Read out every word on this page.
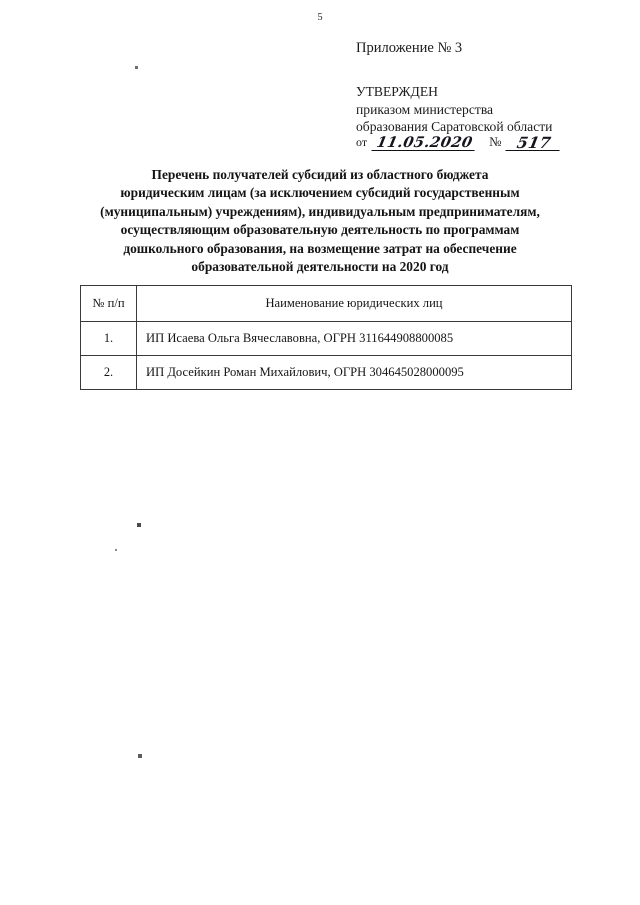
5
Приложение № 3
УТВЕРЖДЕН
приказом министерства
образования Саратовской области
от 11.05.2020 № 517
Перечень получателей субсидий из областного бюджета
юридическим лицам (за исключением субсидий государственным
(муниципальным) учреждениям), индивидуальным предпринимателям,
осуществляющим образовательную деятельность по программам
дошкольного образования, на возмещение затрат на обеспечение
образовательной деятельности на 2020 год
№ п/п	Наименование юридических лиц
1.	ИП Исаева Ольга Вячеславовна, ОГРН 311644908800085
2.	ИП Досейкин Роман Михайлович, ОГРН 304645028000095
